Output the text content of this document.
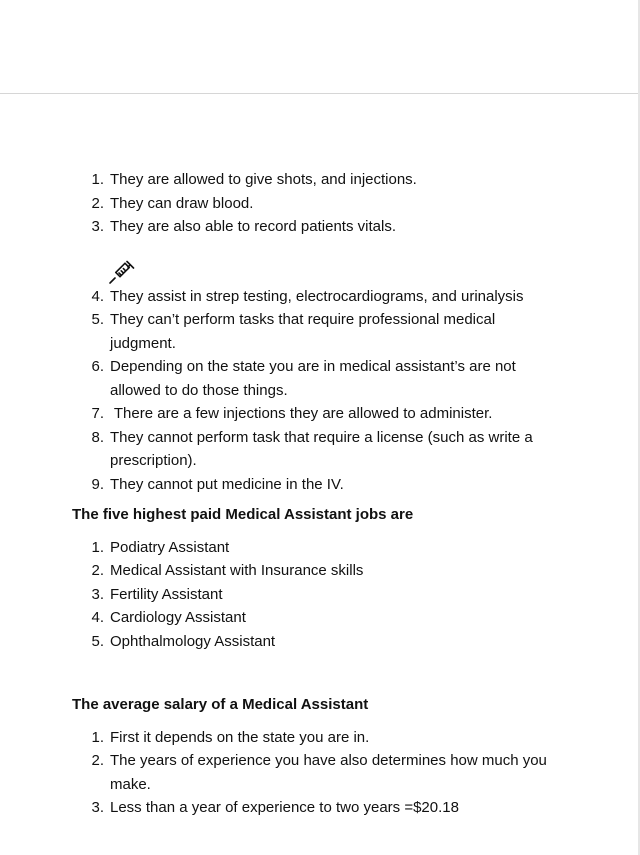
1. They are allowed to give shots, and injections.
2. They can draw blood.
3. They are also able to record patients vitals.
4. They assist in strep testing, electrocardiograms, and urinalysis
5. They can’t perform tasks that require professional medical judgment.
6. Depending on the state you are in medical assistant’s are not allowed to do those things.
7. There are a few injections they are allowed to administer.
8. They cannot perform task that require a license (such as write a prescription).
9. They cannot put medicine in the IV.
The five highest paid Medical Assistant jobs are
1. Podiatry Assistant
2. Medical Assistant with Insurance skills
3. Fertility Assistant
4. Cardiology Assistant
5. Ophthalmology Assistant
The average salary of a Medical Assistant
1. First it depends on the state you are in.
2. The years of experience you have also determines how much you make.
3. Less than a year of experience to two years =$20.18
